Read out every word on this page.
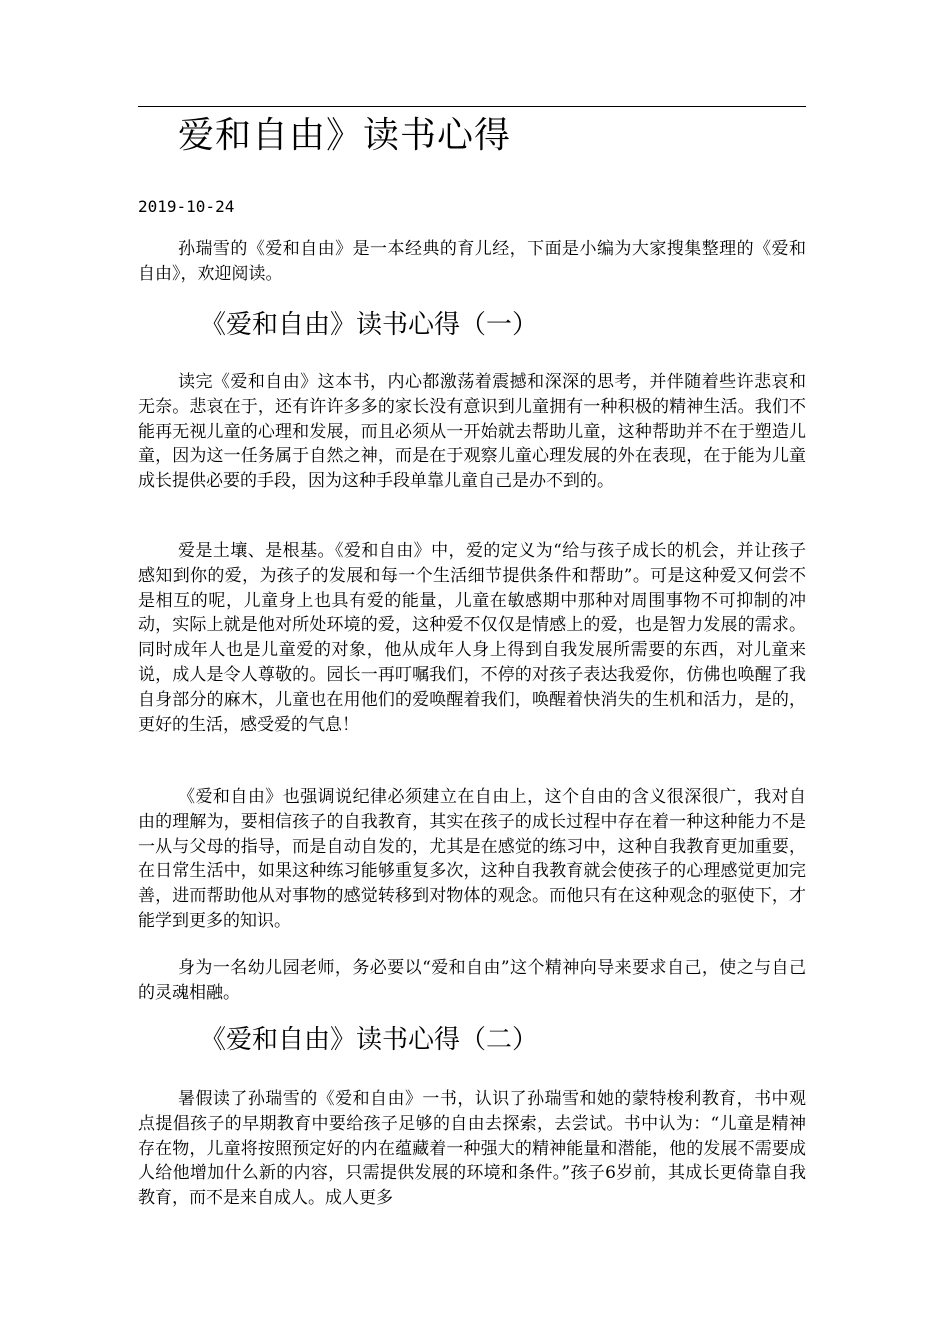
爱和自由》读书心得
2019-10-24

孙瑞雪的《爱和自由》是一本经典的育儿经，下面是小编为大家搜集整理的《爱和自由》，欢迎阅读。

《爱和自由》读书心得（一）

读完《爱和自由》这本书，内心都激荡着震撼和深深的思考，并伴随着些许悲哀和无奈。悲哀在于，还有许许多多的家长没有意识到儿童拥有一种积极的精神生活。我们不能再无视儿童的心理和发展，而且必须从一开始就去帮助儿童，这种帮助并不在于塑造儿童，因为这一任务属于自然之神，而是在于观察儿童心理发展的外在表现，在于能为儿童成长提供必要的手段，因为这种手段单靠儿童自己是办不到的。

爱是土壤、是根基。《爱和自由》中，爱的定义为“给与孩子成长的机会，并让孩子感知到你的爱，为孩子的发展和每一个生活细节提供条件和帮助”。可是这种爱又何尝不是相互的呢，儿童身上也具有爱的能量，儿童在敏感期中那种对周围事物不可抑制的冲动，实际上就是他对所处环境的爱，这种爱不仅仅是情感上的爱，也是智力发展的需求。同时成年人也是儿童爱的对象，他从成年人身上得到自我发展所需要的东西，对儿童来说，成人是令人尊敬的。园长一再叮嘱我们，不停的对孩子表达我爱你，仿佛也唤醒了我自身部分的麻木，儿童也在用他们的爱唤醒着我们，唤醒着快消失的生机和活力，是的，更好的生活，感受爱的气息！

《爱和自由》也强调说纪律必须建立在自由上，这个自由的含义很深很广，我对自由的理解为，要相信孩子的自我教育，其实在孩子的成长过程中存在着一种这种能力不是一从与父母的指导，而是自动自发的，尤其是在感觉的练习中，这种自我教育更加重要，在日常生活中，如果这种练习能够重复多次，这种自我教育就会使孩子的心理感觉更加完善，进而帮助他从对事物的感觉转移到对物体的观念。而他只有在这种观念的驱使下，才能学到更多的知识。

身为一名幼儿园老师，务必要以“爱和自由”这个精神向导来要求自己，使之与自己的灵魂相融。

《爱和自由》读书心得（二）

暑假读了孙瑞雪的《爱和自由》一书，认识了孙瑞雪和她的蒙特梭利教育，书中观点提倡孩子的早期教育中要给孩子足够的自由去探索，去尝试。书中认为：“儿童是精神存在物，儿童将按照预定好的内在蕴藏着一种强大的精神能量和潜能，他的发展不需要成人给他增加什么新的内容，只需提供发展的环境和条件。”孩子6岁前，其成长更倚靠自我教育，而不是来自成人。成人更多
